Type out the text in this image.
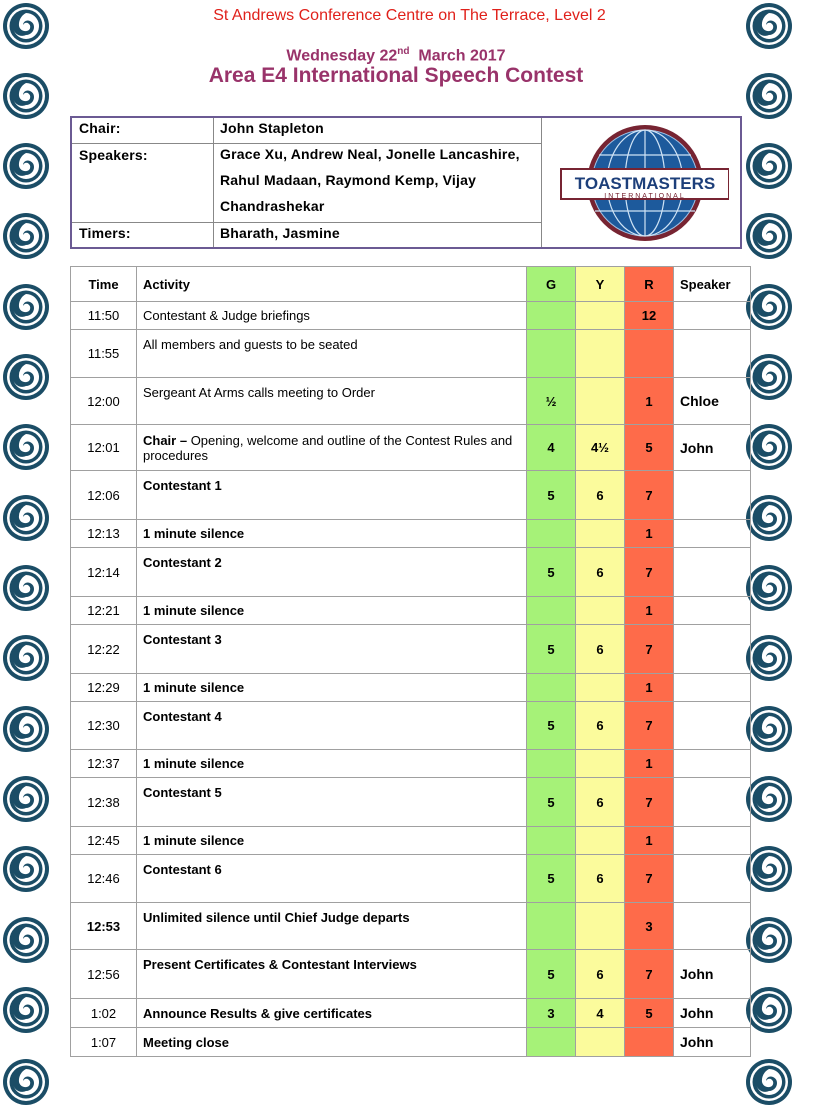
St Andrews Conference Centre on The Terrace, Level 2
Wednesday 22nd March 2017
Area E4 International Speech Contest
Chair:	John Stapleton
Speakers:	Grace Xu, Andrew Neal, Jonelle Lancashire,
Rahul Madaan, Raymond Kemp, Vijay
Chandrashekar
Timers:	Bharath, Jasmine
TOASTMASTERS
INTERNATIONAL
Time	Activity	G	Y	R	Speaker
11:50	Contestant & Judge briefings			12	
11:55	All members and guests to be seated				
12:00	Sergeant At Arms calls meeting to Order	½		1	Chloe
12:01	Chair – Opening, welcome and outline of the Contest Rules and procedures	4	4½	5	John
12:06	Contestant 1	5	6	7	
12:13	1 minute silence			1	
12:14	Contestant 2	5	6	7	
12:21	1 minute silence			1	
12:22	Contestant 3	5	6	7	
12:29	1 minute silence			1	
12:30	Contestant 4	5	6	7	
12:37	1 minute silence			1	
12:38	Contestant 5	5	6	7	
12:45	1 minute silence			1	
12:46	Contestant 6	5	6	7	
12:53	Unlimited silence until Chief Judge departs			3	
12:56	Present Certificates & Contestant Interviews	5	6	7	John
1:02	Announce Results & give certificates	3	4	5	John
1:07	Meeting close				John
